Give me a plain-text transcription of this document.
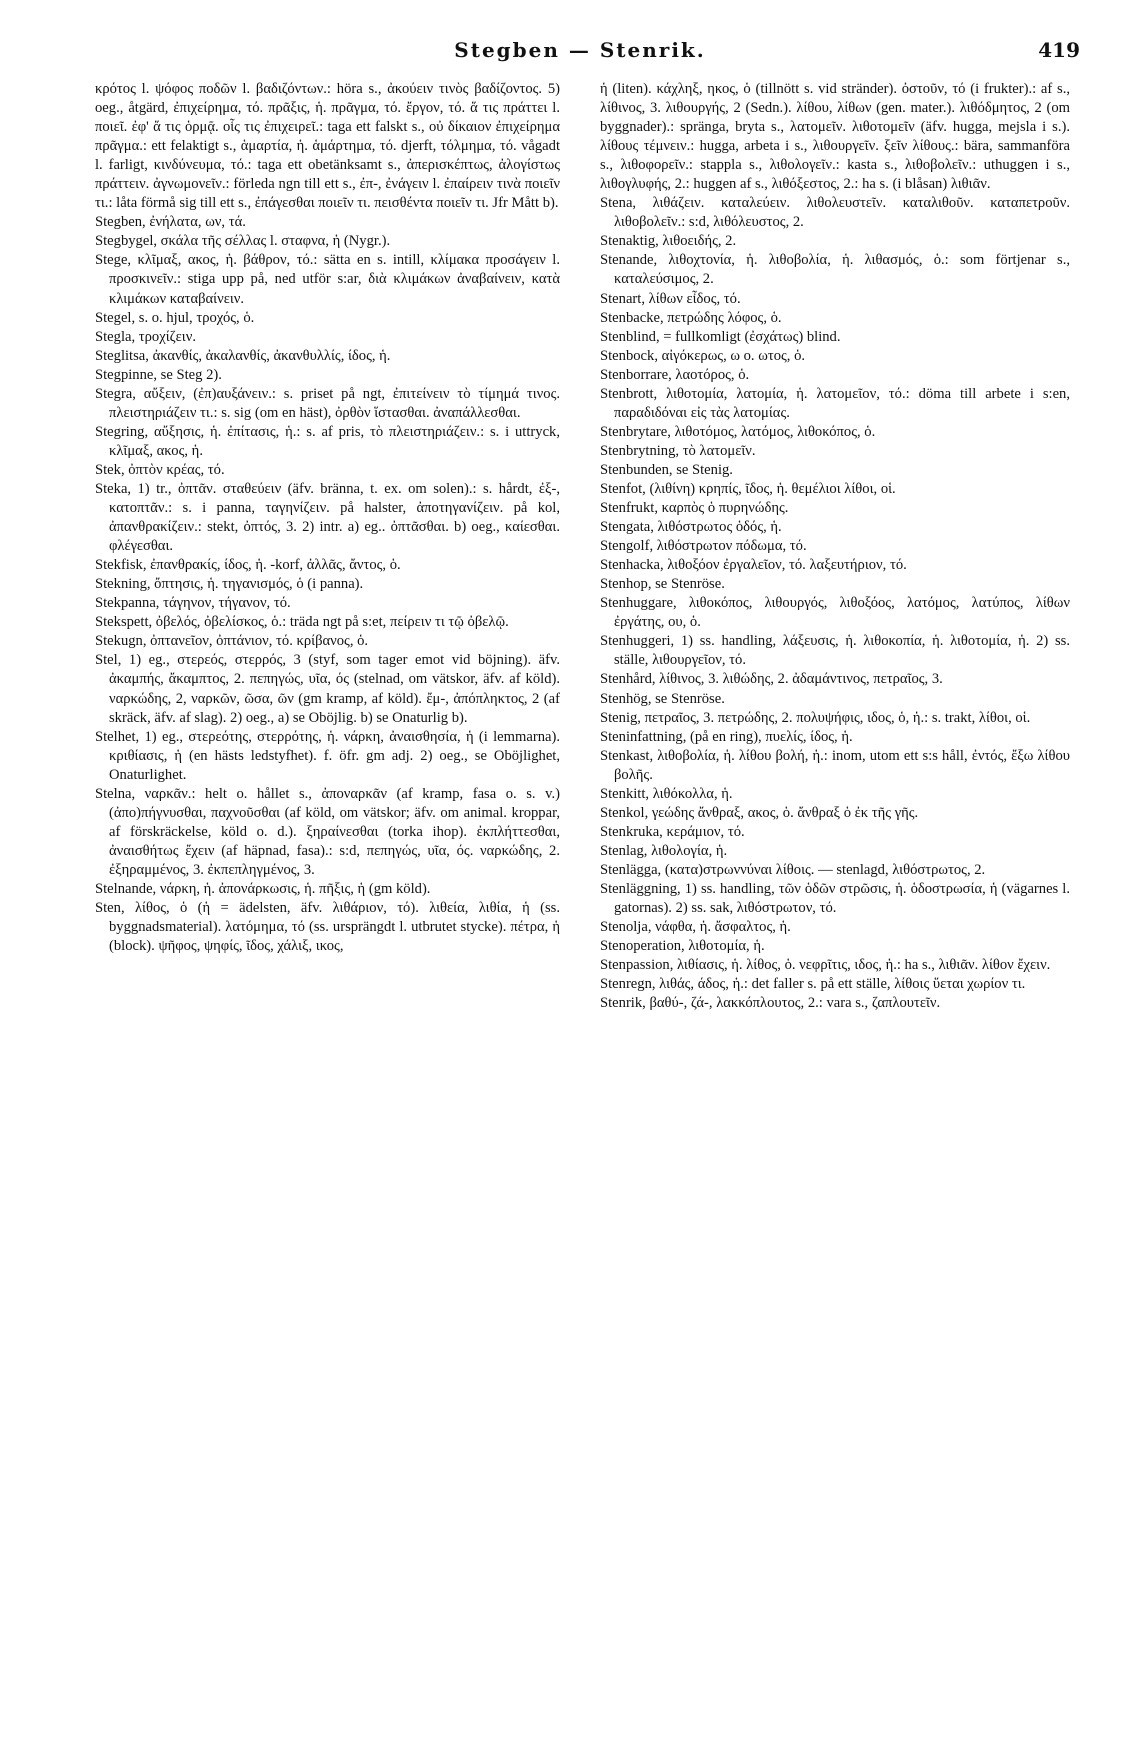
Stegben — Stenrik.	419

κρότος l. ψόφος ποδῶν l. βαδιζόντων.: höra s., ἀκούειν τινὸς βαδίζοντος. 5) oeg., åtgärd, ἐπιχείρημα, τό. πρᾶξις, ἡ. πρᾶγμα, τό. ἔργον, τό. ἅ τις πράττει l. ποιεῖ. ἐφ' ἅ τις ὁρμᾷ. οἷς τις ἐπιχειρεῖ.: taga ett falskt s., οὐ δίκαιον ἐπιχείρημα πρᾶγμα.: ett felaktigt s., ἁμαρτία, ἡ. ἁμάρτημα, τό. djerft, τόλμημα, τό. vågadt l. farligt, κινδύνευμα, τό.: taga ett obetänksamt s., ἀπερισκέπτως, ἀλογίστως πράττειν. ἀγνωμονεῖν.: förleda ngn till ett s., ἐπ-, ἐνάγειν l. ἐπαίρειν τινὰ ποιεῖν τι.: låta förmå sig till ett s., ἐπάγεσθαι ποιεῖν τι. πεισθέντα ποιεῖν τι. Jfr Mått b).

Stegben, ἐνήλατα, ων, τά.

Stegbygel, σκάλα τῆς σέλλας l. σταφνα, ἡ (Nygr.).

Stege, κλῖμαξ, ακος, ἡ. βάθρον, τό.: sätta en s. intill, κλίμακα προσάγειν l. προσκινεῖν.: stiga upp på, ned utför s:ar, διὰ κλιμάκων ἀναβαίνειν, κατὰ κλιμάκων καταβαίνειν.

Stegel, s. o. hjul, τροχός, ὁ.

Stegla, τροχίζειν.

Steglitsa, ἀκανθίς, ἀκαλανθίς, ἀκανθυλλίς, ίδος, ἡ.

Stegpinne, se Steg 2).

Stegra, αὔξειν, (ἐπ)αυξάνειν.: s. priset på ngt, ἐπιτείνειν τὸ τίμημά τινος. πλειστηριάζειν τι.: s. sig (om en häst), ὀρθὸν ἵστασθαι. ἀναπάλλεσθαι.

Stegring, αὔξησις, ἡ. ἐπίτασις, ἡ.: s. af pris, τὸ πλειστηριάζειν.: s. i uttryck, κλῖμαξ, ακος, ἡ.

Stek, ὀπτὸν κρέας, τό.

Steka, 1) tr., ὀπτᾶν. σταθεύειν (äfv. bränna, t. ex. om solen).: s. hårdt, ἐξ-, κατοπτᾶν.: s. i panna, ταγηνίζειν. på halster, ἀποτηγανίζειν. på kol, ἀπανθρακίζειν.: stekt, ὀπτός, 3. 2) intr. a) eg.. ὀπτᾶσθαι. b) oeg., καίεσθαι. φλέγεσθαι.

Stekfisk, ἐπανθρακίς, ίδος, ἡ. -korf, ἀλλᾶς, ἄντος, ὁ.

Stekning, ὄπτησις, ἡ. τηγανισμός, ὁ (i panna).

Stekpanna, τάγηνον, τήγανον, τό.

Stekspett, ὀβελός, ὀβελίσκος, ὁ.: träda ngt på s:et, πείρειν τι τῷ ὀβελῷ.

Stekugn, ὀπτανεῖον, ὀπτάνιον, τό. κρίβανος, ὁ.

Stel, 1) eg., στερεός, στερρός, 3 (styf, som tager emot vid böjning). äfv. ἀκαμπής, ἄκαμπτος, 2. πεπηγώς, υῖα, ός (stelnad, om vätskor, äfv. af köld). ναρκώδης, 2, ναρκῶν, ῶσα, ῶν (gm kramp, af köld). ἔμ-, ἀπόπληκτος, 2 (af skräck, äfv. af slag). 2) oeg., a) se Oböjlig. b) se Onaturlig b).

Stelhet, 1) eg., στερεότης, στερρότης, ἡ. νάρκη, ἀναισθησία, ἡ (i lemmarna). κριθίασις, ἡ (en hästs ledstyfhet). f. öfr. gm adj. 2) oeg., se Oböjlighet, Onaturlighet.

Stelna, ναρκᾶν.: helt o. hållet s., ἀποναρκᾶν (af kramp, fasa o. s. v.) (ἀπο)πήγνυσθαι, παχνοῦσθαι (af köld, om vätskor; äfv. om animal. kroppar, af förskräckelse, köld o. d.). ξηραίνεσθαι (torka ihop). ἐκπλήττεσθαι, ἀναισθήτως ἔχειν (af häpnad, fasa).: s:d, πεπηγώς, υῖα, ός. ναρκώδης, 2. ἐξηραμμένος, 3. ἐκπεπληγμένος, 3.

Stelnande, νάρκη, ἡ. ἀπονάρκωσις, ἡ. πῆξις, ἡ (gm köld).

Sten, λίθος, ὁ (ἡ = ädelsten, äfv. λιθάριον, τό). λιθεία, λιθία, ἡ (ss. byggnadsmaterial). λατόμημα, τό (ss. ursprängdt l. utbrutet stycke). πέτρα, ἡ (block). ψῆφος, ψηφίς, ῖδος, χάλιξ, ικος,

ἡ (liten). κάχληξ, ηκος, ὁ (tillnött s. vid stränder). ὀστοῦν, τό (i frukter).: af s., λίθινος, 3. λιθουργής, 2 (Sedn.). λίθου, λίθων (gen. mater.). λιθόδμητος, 2 (om byggnader).: spränga, bryta s., λατομεῖν. λιθοτομεῖν (äfv. hugga, mejsla i s.). λίθους τέμνειν.: hugga, arbeta i s., λιθουργεῖν. ξεῖν λίθους.: bära, sammanföra s., λιθοφορεῖν.: stappla s., λιθολογεῖν.: kasta s., λιθοβολεῖν.: uthuggen i s., λιθογλυφής, 2.: huggen af s., λιθόξεστος, 2.: ha s. (i blåsan) λιθιᾶν.

Stena, λιθάζειν. καταλεύειν. λιθολευστεῖν. καταλιθοῦν. καταπετροῦν. λιθοβολεῖν.: s:d, λιθόλευστος, 2.

Stenaktig, λιθοειδής, 2.

Stenande, λιθοχτονία, ἡ. λιθοβολία, ἡ. λιθασμός, ὁ.: som förtjenar s., καταλεύσιμος, 2.

Stenart, λίθων εἶδος, τό.

Stenbacke, πετρώδης λόφος, ὁ.

Stenblind, = fullkomligt (ἐσχάτως) blind.

Stenbock, αἰγόκερως, ω o. ωτος, ὁ.

Stenborrare, λαοτόρος, ὁ.

Stenbrott, λιθοτομία, λατομία, ἡ. λατομεῖον, τό.: döma till arbete i s:en, παραδιδόναι εἰς τὰς λατομίας.

Stenbrytare, λιθοτόμος, λατόμος, λιθοκόπος, ὁ.

Stenbrytning, τὸ λατομεῖν.

Stenbunden, se Stenig.

Stenfot, (λιθίνη) κρηπίς, ῖδος, ἡ. θεμέλιοι λίθοι, οἱ.

Stenfrukt, καρπὸς ὁ πυρηνώδης.

Stengata, λιθόστρωτος ὁδός, ἡ.

Stengolf, λιθόστρωτον πόδωμα, τό.

Stenhacka, λιθοξόον ἐργαλεῖον, τό. λαξευτήριον, τό.

Stenhop, se Stenröse.

Stenhuggare, λιθοκόπος, λιθουργός, λιθοξόος, λατόμος, λατύπος, λίθων ἐργάτης, ου, ὁ.

Stenhuggeri, 1) ss. handling, λάξευσις, ἡ. λιθοκοπία, ἡ. λιθοτομία, ἡ. 2) ss. ställe, λιθουργεῖον, τό.

Stenhård, λίθινος, 3. λιθώδης, 2. ἀδαμάντινος, πετραῖος, 3.

Stenhög, se Stenröse.

Stenig, πετραῖος, 3. πετρώδης, 2. πολυψήφις, ιδος, ὁ, ἡ.: s. trakt, λίθοι, οἱ.

Steninfattning, (på en ring), πυελίς, ίδος, ἡ.

Stenkast, λιθοβολία, ἡ. λίθου βολή, ἡ.: inom, utom ett s:s håll, ἐντός, ἔξω λίθου βολῆς.

Stenkitt, λιθόκολλα, ἡ.

Stenkol, γεώδης ἄνθραξ, ακος, ὁ. ἄνθραξ ὁ ἐκ τῆς γῆς.

Stenkruka, κεράμιον, τό.

Stenlag, λιθολογία, ἡ.

Stenlägga, (κατα)στρωννύναι λίθοις. — stenlagd, λιθόστρωτος, 2.

Stenläggning, 1) ss. handling, τῶν ὁδῶν στρῶσις, ἡ. ὁδοστρωσία, ἡ (vägarnes l. gatornas). 2) ss. sak, λιθόστρωτον, τό.

Stenolja, νάφθα, ἡ. ἄσφαλτος, ἡ.

Stenoperation, λιθοτομία, ἡ.

Stenpassion, λιθίασις, ἡ. λίθος, ὁ. νεφρῖτις, ιδος, ἡ.: ha s., λιθιᾶν. λίθον ἔχειν.

Stenregn, λιθάς, άδος, ἡ.: det faller s. på ett ställe, λίθοις ὕεται χωρίον τι.

Stenrik, βαθύ-, ζά-, λακκόπλουτος, 2.: vara s., ζαπλουτεῖν.
